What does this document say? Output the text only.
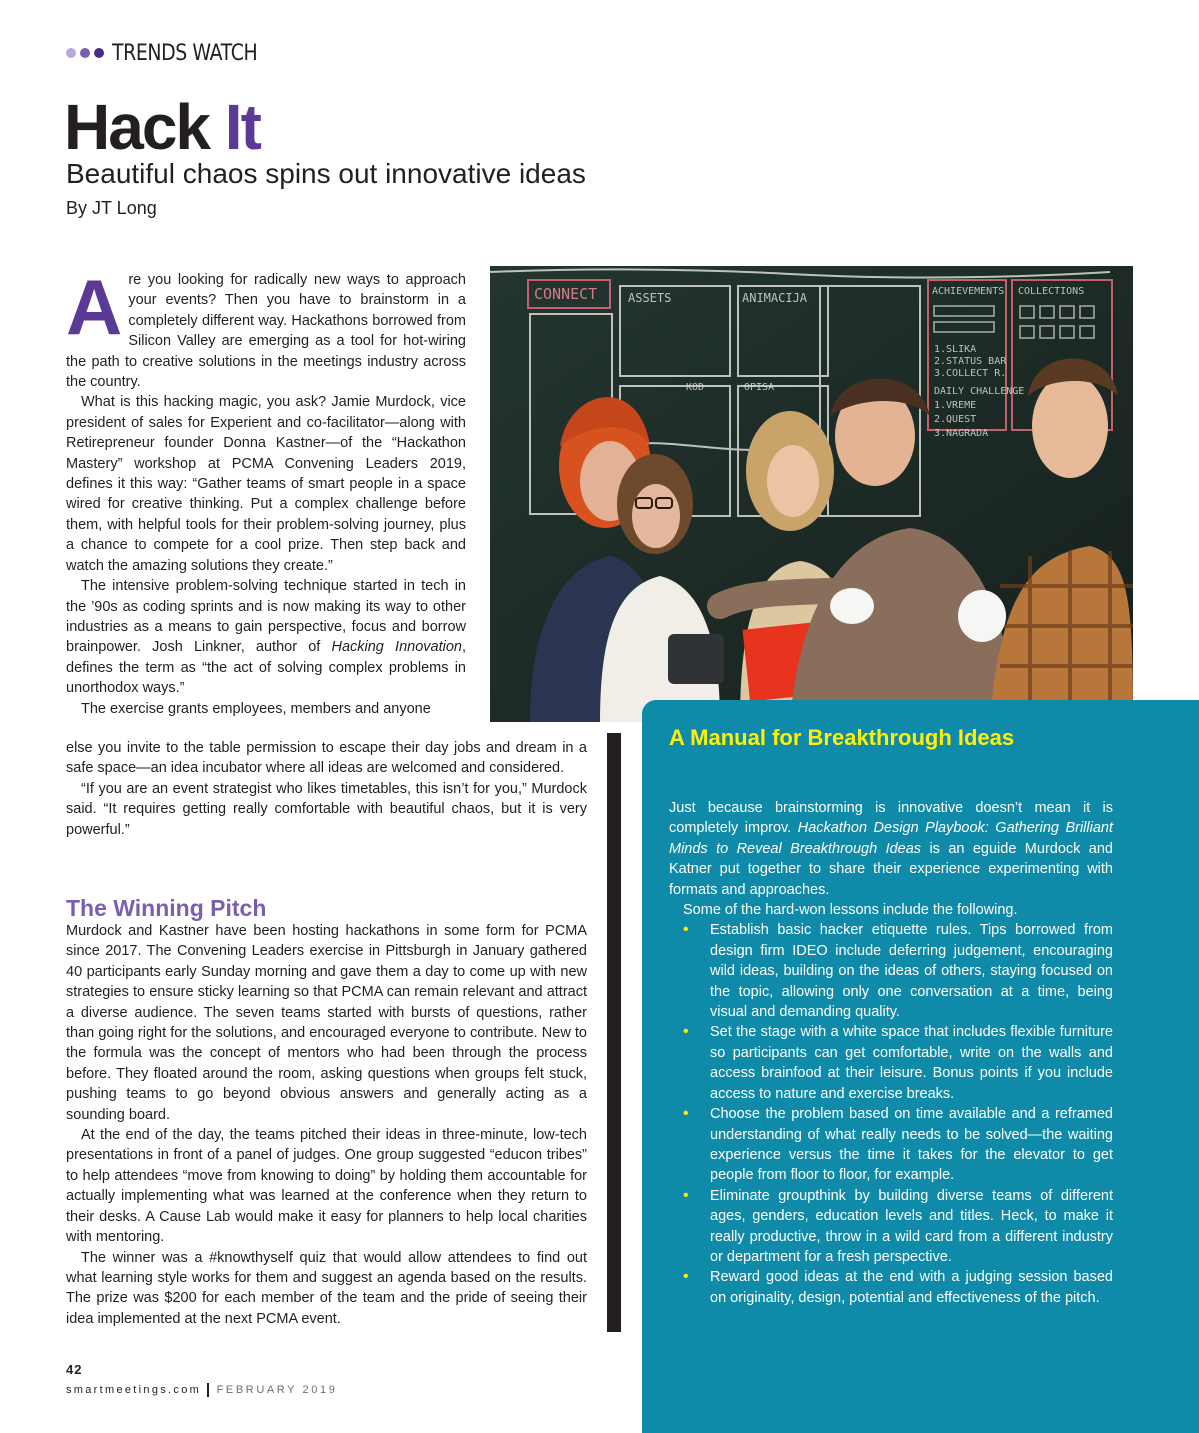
TRENDS WATCH
Hack It
Beautiful chaos spins out innovative ideas
By JT Long

Are you looking for radically new ways to approach your events? Then you have to brainstorm in a completely different way. Hackathons borrowed from Silicon Valley are emerging as a tool for hot-wiring the path to creative solutions in the meetings industry across the country.

What is this hacking magic, you ask? Jamie Murdock, vice president of sales for Experient and co-facilitator—along with Retirepreneur founder Donna Kastner—of the “Hackathon Mastery” workshop at PCMA Convening Leaders 2019, defines it this way: “Gather teams of smart people in a space wired for creative thinking. Put a complex challenge before them, with helpful tools for their problem-solving journey, plus a chance to compete for a cool prize. Then step back and watch the amazing solutions they create.”

The intensive problem-solving technique started in tech in the ’90s as coding sprints and is now making its way to other industries as a means to gain perspective, focus and borrow brainpower. Josh Linkner, author of Hacking Innovation, defines the term as “the act of solving complex problems in unorthodox ways.”

The exercise grants employees, members and anyone

else you invite to the table permission to escape their day jobs and dream in a safe space—an idea incubator where all ideas are welcomed and considered.

“If you are an event strategist who likes timetables, this isn’t for you,” Murdock said. “It requires getting really comfortable with beautiful chaos, but it is very powerful.”

The Winning Pitch

Murdock and Kastner have been hosting hackathons in some form for PCMA since 2017. The Convening Leaders exercise in Pittsburgh in January gathered 40 participants early Sunday morning and gave them a day to come up with new strategies to ensure sticky learning so that PCMA can remain relevant and attract a diverse audience. The seven teams started with bursts of questions, rather than going right for the solutions, and encouraged everyone to contribute. New to the formula was the concept of mentors who had been through the process before. They floated around the room, asking questions when groups felt stuck, pushing teams to go beyond obvious answers and generally acting as a sounding board.

At the end of the day, the teams pitched their ideas in three-minute, low-tech presentations in front of a panel of judges. One group suggested “educon tribes” to help attendees “move from knowing to doing” by holding them accountable for actually implementing what was learned at the conference when they return to their desks. A Cause Lab would make it easy for planners to help local charities with mentoring.

The winner was a #knowthyself quiz that would allow attendees to find out what learning style works for them and suggest an agenda based on the results. The prize was $200 for each member of the team and the pride of seeing their idea implemented at the next PCMA event.

CONNECT	ASSETS	ANIMACIJA	ACHIEVEMENTS COLLECTIONS
KOD	OPISA
1.SLIKA
2.STATUS BAR
3.COLLECT R.
DAILY CHALLENGE
1.VREME
2.QUEST
3.NAGRADA
A Manual for Breakthrough Ideas

Just because brainstorming is innovative doesn’t mean it is completely improv. Hackathon Design Playbook: Gathering Brilliant Minds to Reveal Breakthrough Ideas is an eguide Murdock and Katner put together to share their experience experimenting with formats and approaches.

Some of the hard-won lessons include the following.

• Establish basic hacker etiquette rules. Tips borrowed from design firm IDEO include deferring judgement, encouraging wild ideas, building on the ideas of others, staying focused on the topic, allowing only one conversation at a time, being visual and demanding quality.
• Set the stage with a white space that includes flexible furniture so participants can get comfortable, write on the walls and access brainfood at their leisure. Bonus points if you include access to nature and exercise breaks.
• Choose the problem based on time available and a reframed understanding of what really needs to be solved—the waiting experience versus the time it takes for the elevator to get people from floor to floor, for example.
• Eliminate groupthink by building diverse teams of different ages, genders, education levels and titles. Heck, to make it really productive, throw in a wild card from a different industry or department for a fresh perspective.
• Reward good ideas at the end with a judging session based on originality, design, potential and effectiveness of the pitch.
42
smartmeetings.com FEBRUARY 2019
